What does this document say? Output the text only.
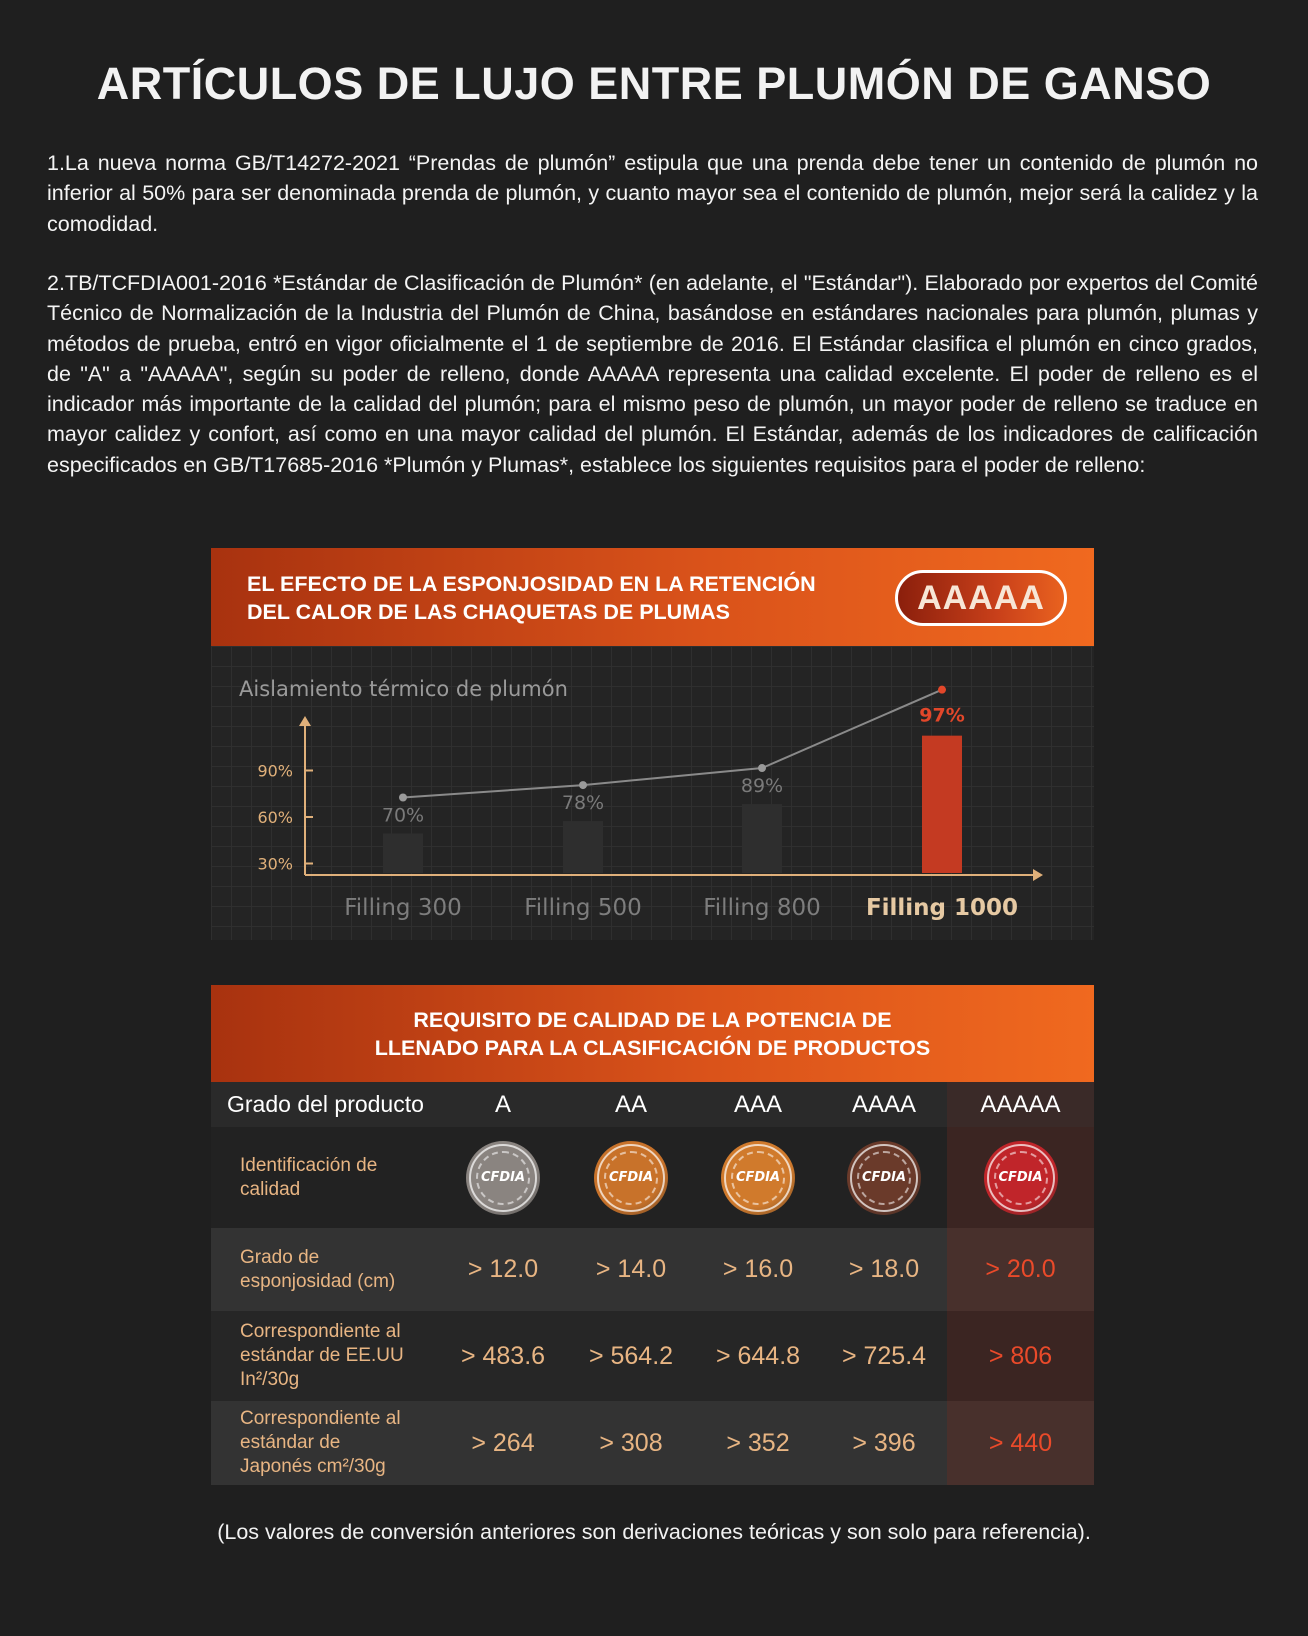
ARTÍCULOS DE LUJO ENTRE PLUMÓN DE GANSO

1.La nueva norma GB/T14272-2021 “Prendas de plumón” estipula que una prenda debe tener un contenido de plumón no inferior al 50% para ser denominada prenda de plumón, y cuanto mayor sea el contenido de plumón, mejor será la calidez y la comodidad.

2.TB/TCFDIA001-2016 *Estándar de Clasificación de Plumón* (en adelante, el "Estándar"). Elaborado por expertos del Comité Técnico de Normalización de la Industria del Plumón de China, basándose en estándares nacionales para plumón, plumas y métodos de prueba, entró en vigor oficialmente el 1 de septiembre de 2016. El Estándar clasifica el plumón en cinco grados, de "A" a "AAAAA", según su poder de relleno, donde AAAAA representa una calidad excelente. El poder de relleno es el indicador más importante de la calidad del plumón; para el mismo peso de plumón, un mayor poder de relleno se traduce en mayor calidez y confort, así como en una mayor calidad del plumón. El Estándar, además de los indicadores de calificación especificados en GB/T17685-2016 *Plumón y Plumas*, establece los siguientes requisitos para el poder de relleno:

EL EFECTO DE LA ESPONJOSIDAD EN LA RETENCIÓN
DEL CALOR DE LAS CHAQUETAS DE PLUMAS	AAAAA
Aislamiento térmico de plumón
30%
60%
90%
70%
Filling 300
78%
Filling 500
89%
Filling 800
97%
Filling 1000
REQUISITO DE CALIDAD DE LA POTENCIA DE
LLENADO PARA LA CLASIFICACIÓN DE PRODUCTOS
Grado del producto	A	AA	AAA	AAAA	AAAAA

Identificación de calidad	CFDIA	CFDIA	CFDIA	CFDIA	CFDIA

Grado de esponjosidad (cm)	> 12.0	> 14.0	> 16.0	> 18.0	> 20.0

Correspondiente al estándar de EE.UU In²/30g	> 483.6	> 564.2	> 644.8	> 725.4	> 806

Correspondiente al estándar de Japonés cm²/30g	> 264	> 308	> 352	> 396	> 440
(Los valores de conversión anteriores son derivaciones teóricas y son solo para referencia).
